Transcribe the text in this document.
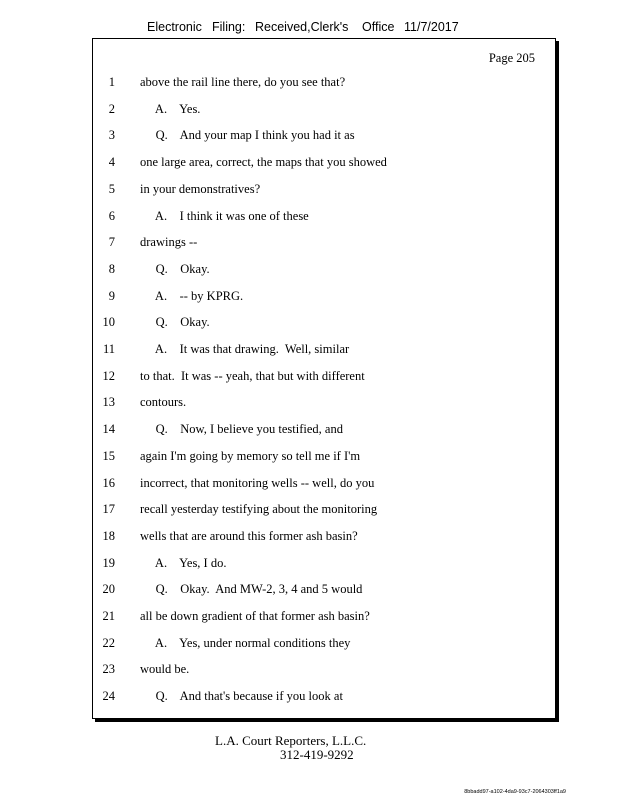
Electronic Filing: Received,Clerk's Office 11/7/2017
Page 205
1 above the rail line there, do you see that?
2 A.    Yes.
3 Q.    And your map I think you had it as
4 one large area, correct, the maps that you showed
5 in your demonstratives?
6 A.    I think it was one of these
7 drawings --
8 Q.    Okay.
9 A.    -- by KPRG.
10 Q.    Okay.
11 A.    It was that drawing.  Well, similar
12 to that.  It was -- yeah, that but with different
13 contours.
14 Q.    Now, I believe you testified, and
15 again I'm going by memory so tell me if I'm
16 incorrect, that monitoring wells -- well, do you
17 recall yesterday testifying about the monitoring
18 wells that are around this former ash basin?
19 A.    Yes, I do.
20 Q.    Okay.  And MW-2, 3, 4 and 5 would
21 all be down gradient of that former ash basin?
22 A.    Yes, under normal conditions they
23 would be.
24 Q.    And that's because if you look at
L.A. Court Reporters, L.L.C.
312-419-9292
8bbadd97-a102-4da9-93c7-2064303ff1a9
